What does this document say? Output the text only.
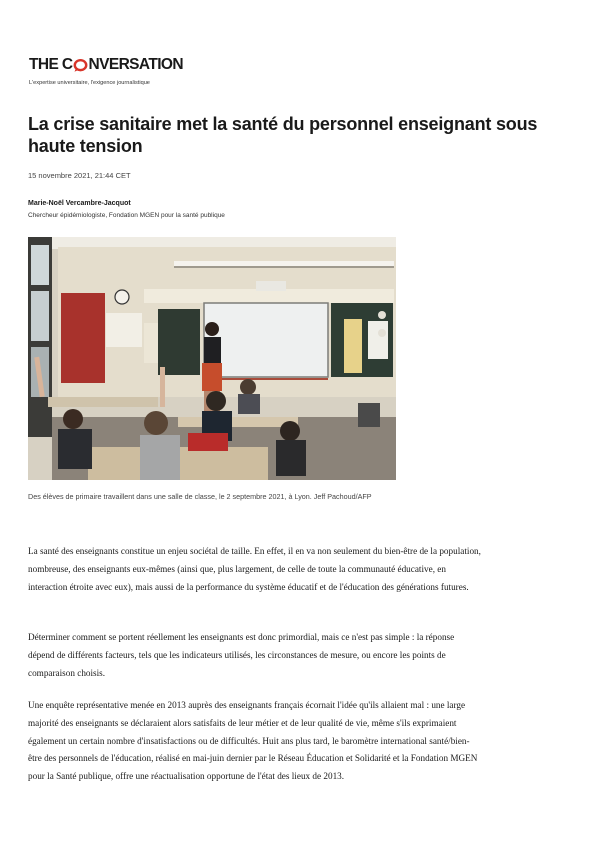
THE C NVERSATION
L'expertise universitaire, l'exigence journalistique
La crise sanitaire met la santé du personnel enseignant sous haute tension
15 novembre 2021, 21:44 CET
Marie-Noël Vercambre-Jacquot
Chercheur épidémiologiste, Fondation MGEN pour la santé publique

Des élèves de primaire travaillent dans une salle de classe, le 2 septembre 2021, à Lyon. Jeff Pachoud/AFP

La santé des enseignants constitue un enjeu sociétal de taille. En effet, il en va non seulement du bien-être de la population, nombreuse, des enseignants eux-mêmes (ainsi que, plus largement, de celle de toute la communauté éducative, en interaction étroite avec eux), mais aussi de la performance du système éducatif et de l'éducation des générations futures.

Déterminer comment se portent réellement les enseignants est donc primordial, mais ce n'est pas simple : la réponse dépend de différents facteurs, tels que les indicateurs utilisés, les circonstances de mesure, ou encore les points de comparaison choisis.

Une enquête représentative menée en 2013 auprès des enseignants français écornait l'idée qu'ils allaient mal : une large majorité des enseignants se déclaraient alors satisfaits de leur métier et de leur qualité de vie, même s'ils exprimaient également un certain nombre d'insatisfactions ou de difficultés. Huit ans plus tard, le baromètre international santé/bien-être des personnels de l'éducation, réalisé en mai-juin dernier par le Réseau Éducation et Solidarité et la Fondation MGEN pour la Santé publique, offre une réactualisation opportune de l'état des lieux de 2013.
